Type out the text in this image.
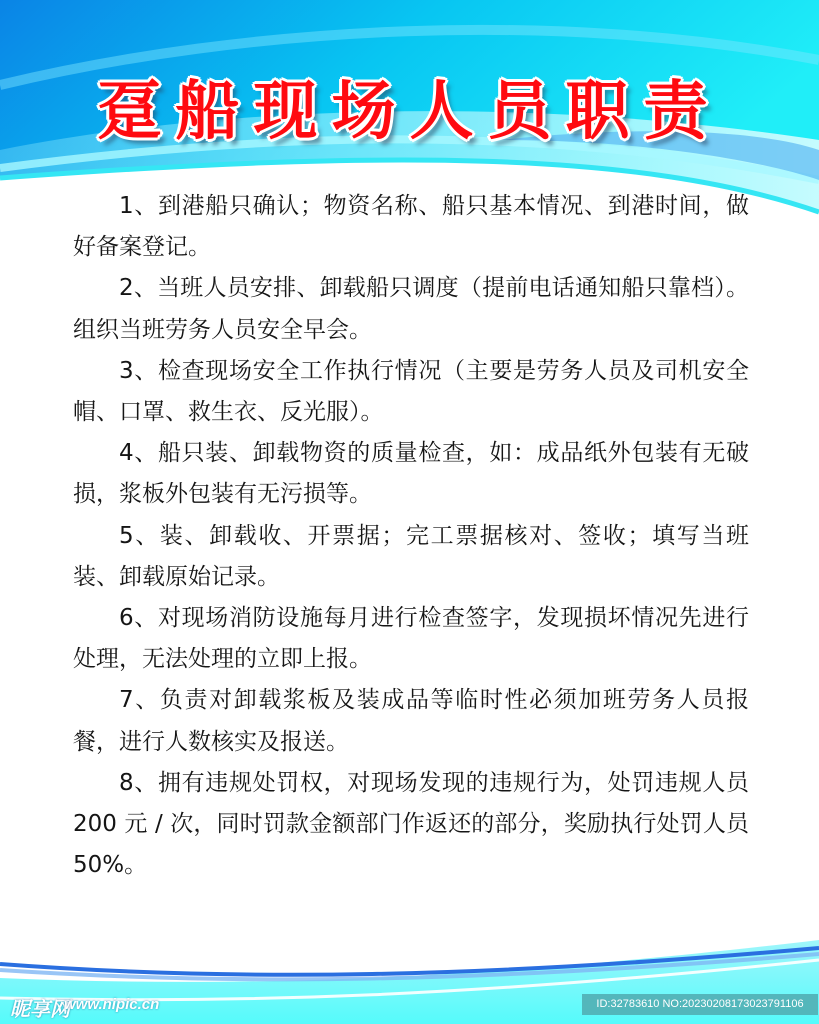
趸船现场人员职责

1、到港船只确认；物资名称、船只基本情况、到港时间，做好备案登记。

2、当班人员安排、卸载船只调度（提前电话通知船只靠档）。组织当班劳务人员安全早会。

3、检查现场安全工作执行情况（主要是劳务人员及司机安全帽、口罩、救生衣、反光服）。

4、船只装、卸载物资的质量检查，如：成品纸外包装有无破损，浆板外包装有无污损等。

5、装、卸载收、开票据；完工票据核对、签收；填写当班装、卸载原始记录。

6、对现场消防设施每月进行检查签字，发现损坏情况先进行处理，无法处理的立即上报。

7、负责对卸载浆板及装成品等临时性必须加班劳务人员报餐，进行人数核实及报送。

8、拥有违规处罚权，对现场发现的违规行为，处罚违规人员 200 元 / 次，同时罚款金额部门作返还的部分，奖励执行处罚人员 50%。

昵享网
www.nipic.cn	ID:32783610 NO:20230208173023791106
